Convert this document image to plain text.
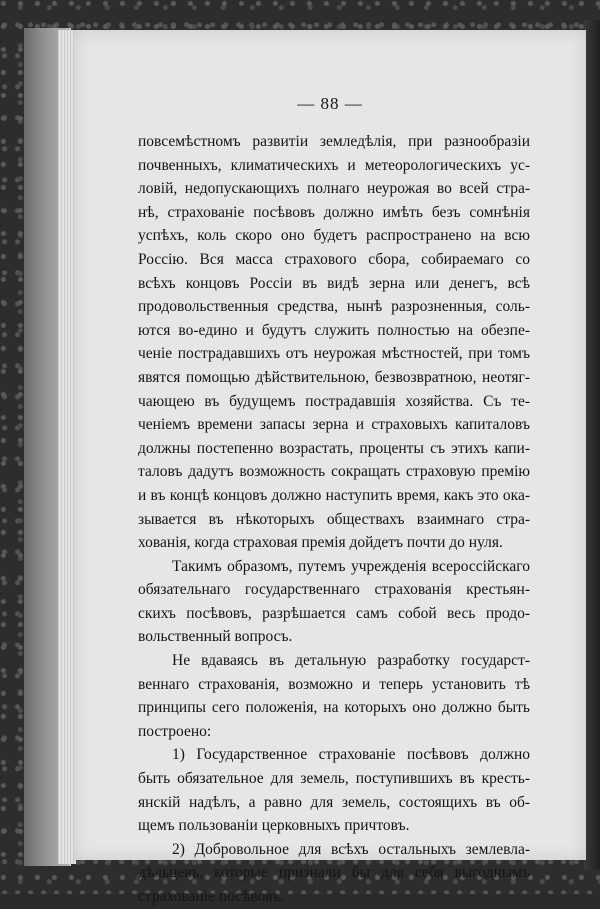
— 88 —
повсемѣстномъ развитіи земледѣлія, при разнообразіи
почвенныхъ, климатическихъ и метеорологическихъ ус-
ловій, недопускающихъ полнаго неурожая во всей стра-
нѣ, страхованіе посѣвовъ должно имѣть безъ сомнѣнія
успѣхъ, коль скоро оно будетъ распространено на всю
Россію. Вся масса страхового сбора, собираемаго со
всѣхъ концовъ Россіи въ видѣ зерна или денегъ, всѣ
продовольственныя средства, нынѣ разрозненныя, соль-
ются во-едино и будутъ служить полностью на обезпе-
ченіе пострадавшихъ отъ неурожая мѣстностей, при томъ
явятся помощью дѣйствительною, безвозвратною, неотяг-
чающею въ будущемъ пострадавшія хозяйства. Съ те-
ченіемъ времени запасы зерна и страховыхъ капиталовъ
должны постепенно возрастать, проценты съ этихъ капи-
таловъ дадутъ возможность сокращать страховую премію
и въ концѣ концовъ должно наступить время, какъ это ока-
зывается въ нѣкоторыхъ обществахъ взаимнаго стра-
хованія, когда страховая премія дойдетъ почти до нуля.
Такимъ образомъ, путемъ учрежденія всероссійскаго
обязательнаго государственнаго страхованія крестьян-
скихъ посѣвовъ, разрѣшается самъ собой весь продо-
вольственный вопросъ.
Не вдаваясь въ детальную разработку государст-
веннаго страхованія, возможно и теперь установить тѣ
принципы сего положенія, на которыхъ оно должно быть
построено:
1) Государственное страхованіе посѣвовъ должно
быть обязательное для земель, поступившихъ въ кресть-
янскій надѣлъ, а равно для земель, состоящихъ въ об-
щемъ пользованіи церковныхъ причтовъ.
2) Добровольное для всѣхъ остальныхъ землевла-
дѣльцевъ, которые признали бы для себя выгоднымъ
страхованіе посѣвовъ.
